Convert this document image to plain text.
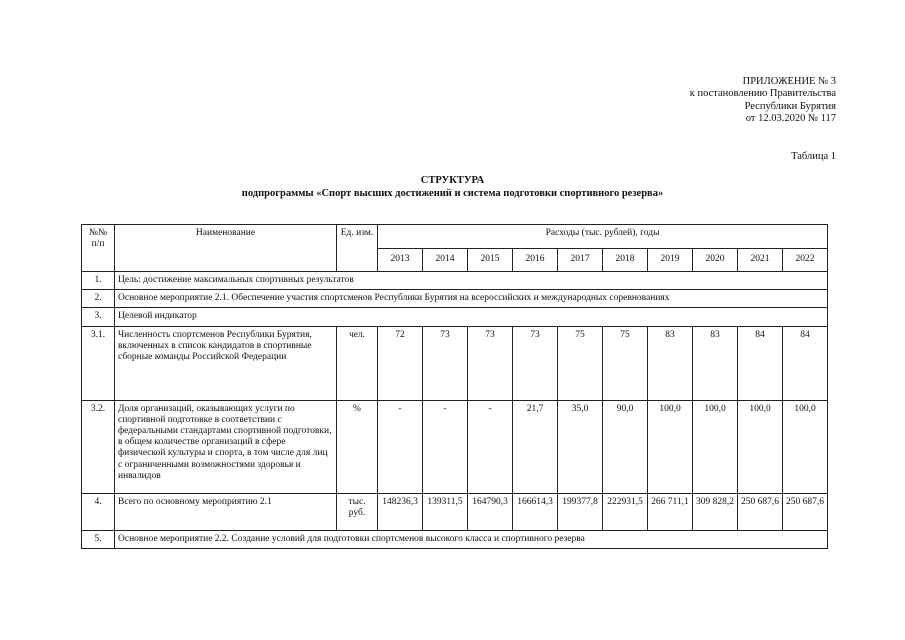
ПРИЛОЖЕНИЕ № 3
к постановлению Правительства
Республики Бурятия
от 12.03.2020 № 117
Таблица 1
СТРУКТУРА
подпрограммы «Спорт высших достижений и система подготовки спортивного резерва»
№№ п/п	Наименование	Ед. изм.	Расходы (тыс. рублей), годы									
			2013	2014	2015	2016	2017	2018	2019	2020	2021	2022
1.	Цель: достижение максимальных спортивных результатов											
2.	Основное мероприятие 2.1. Обеспечение участия спортсменов Республики Бурятия на всероссийских и международных соревнованиях											
3.	Целевой индикатор											
3.1.	Численность спортсменов Республики Бурятия, включенных в список кандидатов в спортивные сборные команды Российской Федерации	чел.	72	73	73	73	75	75	83	83	84	84
3.2.	Доля организаций, оказывающих услуги по спортивной подготовке в соответствии с федеральными стандартами спортивной подготовки, в общем количестве организаций в сфере физической культуры и спорта, в том числе для лиц с ограниченными возможностями здоровья и инвалидов	%	-	-	-	21,7	35,0	90,0	100,0	100,0	100,0	100,0
4.	Всего по основному мероприятию 2.1	тыс. руб.	148236,3	139311,5	164790,3	166614,3	199377,8	222931,5	266 711,1	309 828,2	250 687,6	250 687,6
5.	Основное мероприятие 2.2. Создание условий для подготовки спортсменов высокого класса и спортивного резерва											
